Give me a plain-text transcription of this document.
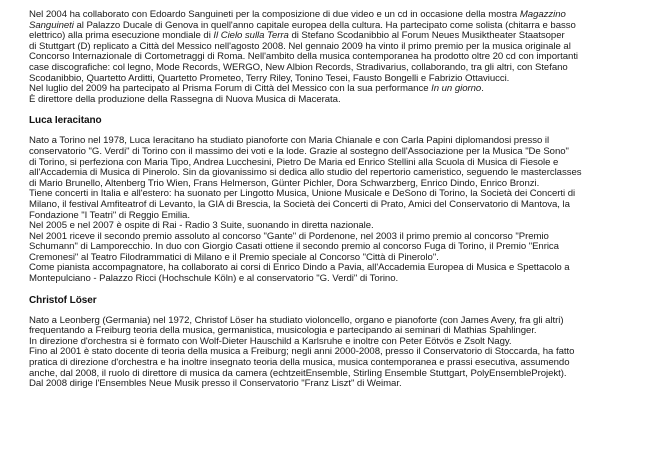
Nel 2004 ha collaborato con Edoardo Sanguineti per la composizione di due video e un cd in occasione della mostra Magazzino
Sanguineti al Palazzo Ducale di Genova in quell'anno capitale europea della cultura. Ha partecipato come solista (chitarra e basso
elettrico) alla prima esecuzione mondiale di Il Cielo sulla Terra di Stefano Scodanibbio al Forum Neues Musiktheater Staatsoper
di Stuttgart (D) replicato a Città del Messico nell'agosto 2008. Nel gennaio 2009 ha vinto il primo premio per la musica originale al
Concorso Internazionale di Cortometraggi di Roma. Nell'ambito della musica contemporanea ha prodotto oltre 20 cd con importanti
case discografiche: col legno, Mode Records, WERGO, New Albion Records, Stradivarius, collaborando, tra gli altri, con Stefano
Scodanibbio, Quartetto Arditti, Quartetto Prometeo, Terry Riley, Tonino Tesei, Fausto Bongelli e Fabrizio Ottaviucci.
Nel luglio del 2009 ha partecipato al Prisma Forum di Città del Messico con la sua performance In un giorno.
È direttore della produzione della Rassegna di Nuova Musica di Macerata.
Luca Ieracitano
Nato a Torino nel 1978, Luca Ieracitano ha studiato pianoforte con Maria Chianale e con Carla Papini diplomandosi presso il
conservatorio "G. Verdi" di Torino con il massimo dei voti e la lode. Grazie al sostegno dell'Associazione per la Musica "De Sono"
di Torino, si perfeziona con Maria Tipo, Andrea Lucchesini, Pietro De Maria ed Enrico Stellini alla Scuola di Musica di Fiesole e
all'Accademia di Musica di Pinerolo. Sin da giovanissimo si dedica allo studio del repertorio cameristico, seguendo le masterclasses
di Mario Brunello, Altenberg Trio Wien, Frans Helmerson, Günter Pichler, Dora Schwarzberg, Enrico Dindo, Enrico Bronzi.
Tiene concerti in Italia e all'estero: ha suonato per Lingotto Musica, Unione Musicale e DeSono di Torino, la Società dei Concerti di
Milano, il festival Amfiteatrof di Levanto, la GIA di Brescia, la Società dei Concerti di Prato, Amici del Conservatorio di Mantova, la
Fondazione "I Teatri" di Reggio Emilia.
Nel 2005 e nel 2007 è ospite di Rai - Radio 3 Suite, suonando in diretta nazionale.
Nel 2001 riceve il secondo premio assoluto al concorso "Gante" di Pordenone, nel 2003 il primo premio al concorso "Premio
Schumann" di Lamporecchio. In duo con Giorgio Casati ottiene il secondo premio al concorso Fuga di Torino, il Premio "Enrica
Cremonesi" al Teatro Filodrammatici di Milano e il Premio speciale al Concorso "Città di Pinerolo".
Come pianista accompagnatore, ha collaborato ai corsi di Enrico Dindo a Pavia, all'Accademia Europea di Musica e Spettacolo a
Montepulciano - Palazzo Ricci (Hochschule Köln) e al conservatorio "G. Verdi" di Torino.
Christof Löser
Nato a Leonberg (Germania) nel 1972, Christof Löser ha studiato violoncello, organo e pianoforte (con James Avery, fra gli altri)
frequentando a Freiburg teoria della musica, germanistica, musicologia e partecipando ai seminari di Mathias Spahlinger.
In direzione d'orchestra si è formato con Wolf-Dieter Hauschild a Karlsruhe e inoltre con Peter Eötvös e Zsolt Nagy.
Fino al 2001 è stato docente di teoria della musica a Freiburg; negli anni 2000-2008, presso il Conservatorio di Stoccarda, ha fatto
pratica di direzione d'orchestra e ha inoltre insegnato teoria della musica, musica contemporanea e prassi esecutiva, assumendo
anche, dal 2008, il ruolo di direttore di musica da camera (echtzeitEnsemble, Stirling Ensemble Stuttgart, PolyEnsembleProjekt).
Dal 2008 dirige l'Ensembles Neue Musik presso il Conservatorio "Franz Liszt" di Weimar.
